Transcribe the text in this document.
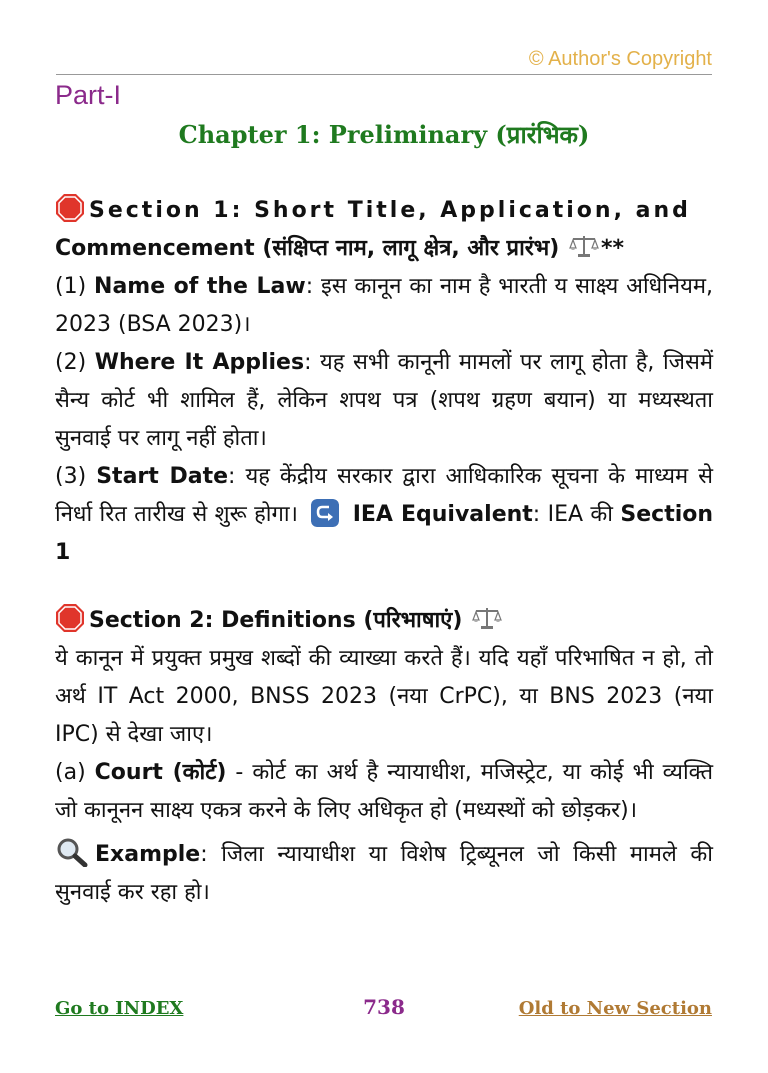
© Author's Copyright
Part-I
Chapter 1: Preliminary (प्रारंभिक)

Section 1: Short Title, Application, and

Commencement (संक्षिप्त नाम, लागू क्षेत्र, और प्रारंभ) **

(1) Name of the Law: इस कानून का नाम है भारती य साक्ष्य अधिनियम, 2023 (BSA 2023)।

(2) Where It Applies: यह सभी कानूनी मामलों पर लागू होता है, जिसमें सैन्य कोर्ट भी शामिल हैं, लेकिन शपथ पत्र (शपथ ग्रहण बयान) या मध्यस्थता सुनवाई पर लागू नहीं होता।

(3) Start Date: यह केंद्रीय सरकार द्वारा आधिकारिक सूचना के माध्यम से निर्धा रित तारीख से शुरू होगा। IEA Equivalent: IEA की Section 1

Section 2: Definitions (परिभाषाएं)

ये कानून में प्रयुक्त प्रमुख शब्दों की व्याख्या करते हैं। यदि यहाँ परिभाषित न हो, तो अर्थ IT Act 2000, BNSS 2023 (नया CrPC), या BNS 2023 (नया IPC) से देखा जाए।

(a) Court (कोर्ट) - कोर्ट का अर्थ है न्यायाधीश, मजिस्ट्रेट, या कोई भी व्यक्ति जो कानूनन साक्ष्य एकत्र करने के लिए अधिकृत हो (मध्यस्थों को छोड़कर)।

Example: जिला न्यायाधीश या विशेष ट्रिब्यूनल जो किसी मामले की सुनवाई कर रहा हो।

Go to INDEX	738	Old to New Section
